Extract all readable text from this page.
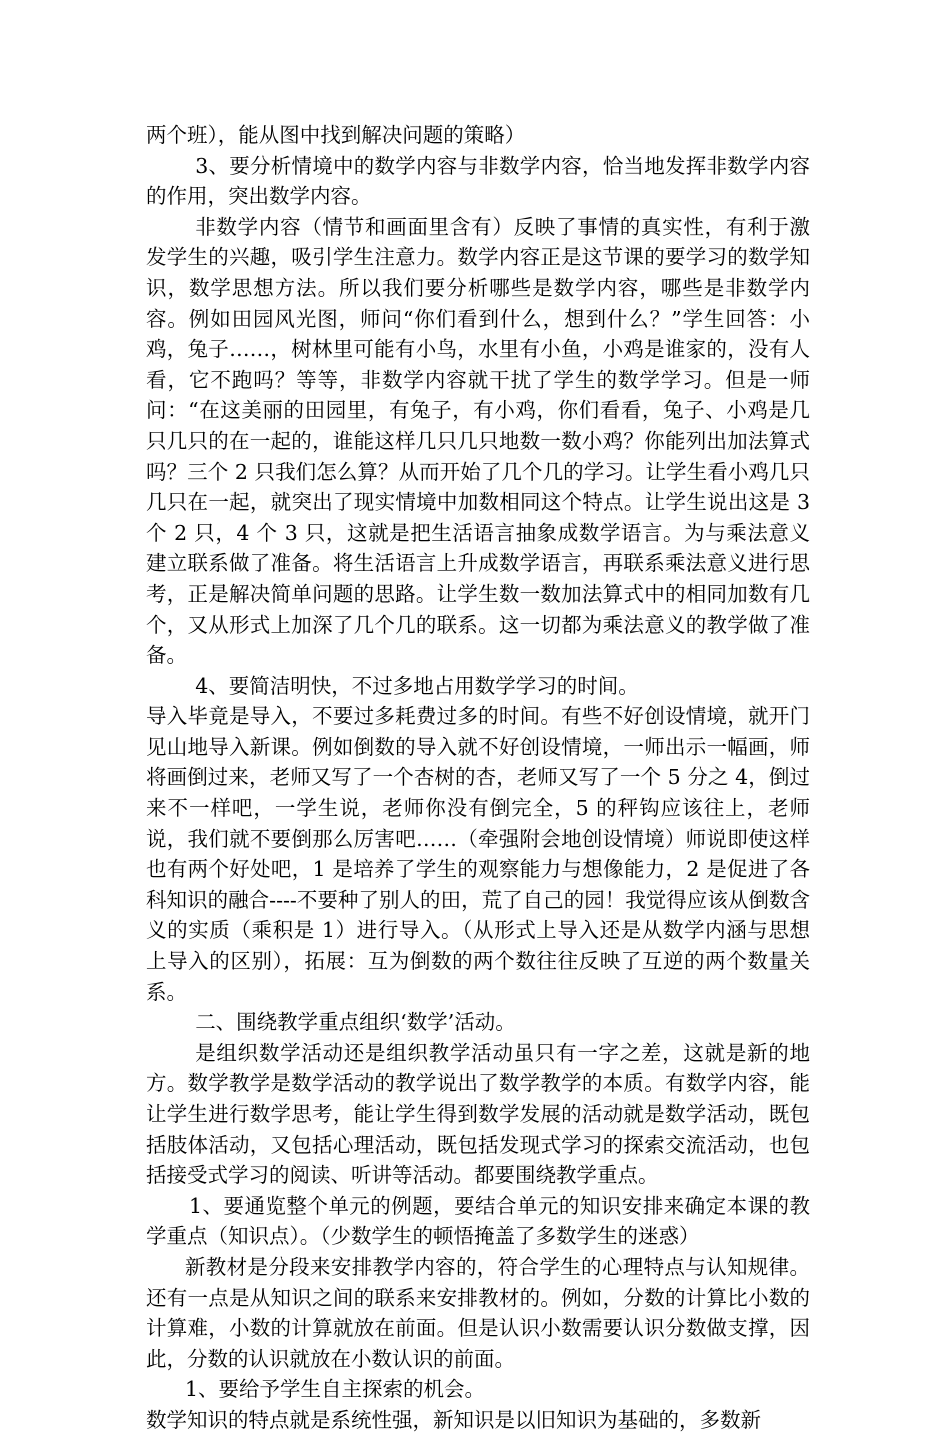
两个班），能从图中找到解决问题的策略）

3、要分析情境中的数学内容与非数学内容，恰当地发挥非数学内容的作用，突出数学内容。

非数学内容（情节和画面里含有）反映了事情的真实性，有利于激发学生的兴趣，吸引学生注意力。数学内容正是这节课的要学习的数学知识，数学思想方法。所以我们要分析哪些是数学内容，哪些是非数学内容。例如田园风光图，师问“你们看到什么，想到什么？”学生回答：小鸡，兔子……，树林里可能有小鸟，水里有小鱼，小鸡是谁家的，没有人看，它不跑吗？等等，非数学内容就干扰了学生的数学学习。但是一师问：“在这美丽的田园里，有兔子，有小鸡，你们看看，兔子、小鸡是几只几只的在一起的，谁能这样几只几只地数一数小鸡？你能列出加法算式吗？三个 2 只我们怎么算？从而开始了几个几的学习。让学生看小鸡几只几只在一起，就突出了现实情境中加数相同这个特点。让学生说出这是 3 个 2 只，4 个 3 只，这就是把生活语言抽象成数学语言。为与乘法意义建立联系做了准备。将生活语言上升成数学语言，再联系乘法意义进行思考，正是解决简单问题的思路。让学生数一数加法算式中的相同加数有几个，又从形式上加深了几个几的联系。这一切都为乘法意义的教学做了准备。

4、要简洁明快，不过多地占用数学学习的时间。

导入毕竟是导入，不要过多耗费过多的时间。有些不好创设情境，就开门见山地导入新课。例如倒数的导入就不好创设情境，一师出示一幅画，师将画倒过来，老师又写了一个杏树的杏，老师又写了一个 5 分之 4，倒过来不一样吧，一学生说，老师你没有倒完全，5 的秤钩应该往上，老师说，我们就不要倒那么厉害吧……（牵强附会地创设情境）师说即使这样也有两个好处吧，1 是培养了学生的观察能力与想像能力，2 是促进了各科知识的融合----不要种了别人的田，荒了自己的园！我觉得应该从倒数含义的实质（乘积是 1）进行导入。（从形式上导入还是从数学内涵与思想上导入的区别），拓展：互为倒数的两个数往往反映了互逆的两个数量关系。

二、围绕教学重点组织‘数学’活动。

是组织数学活动还是组织教学活动虽只有一字之差，这就是新的地方。数学教学是数学活动的教学说出了数学教学的本质。有数学内容，能让学生进行数学思考，能让学生得到数学发展的活动就是数学活动，既包括肢体活动，又包括心理活动，既包括发现式学习的探索交流活动，也包括接受式学习的阅读、听讲等活动。都要围绕教学重点。

1、要通览整个单元的例题，要结合单元的知识安排来确定本课的教学重点（知识点）。（少数学生的顿悟掩盖了多数学生的迷惑）

新教材是分段来安排教学内容的，符合学生的心理特点与认知规律。还有一点是从知识之间的联系来安排教材的。例如，分数的计算比小数的计算难，小数的计算就放在前面。但是认识小数需要认识分数做支撑，因此，分数的认识就放在小数认识的前面。

1、要给予学生自主探索的机会。

数学知识的特点就是系统性强，新知识是以旧知识为基础的，多数新
